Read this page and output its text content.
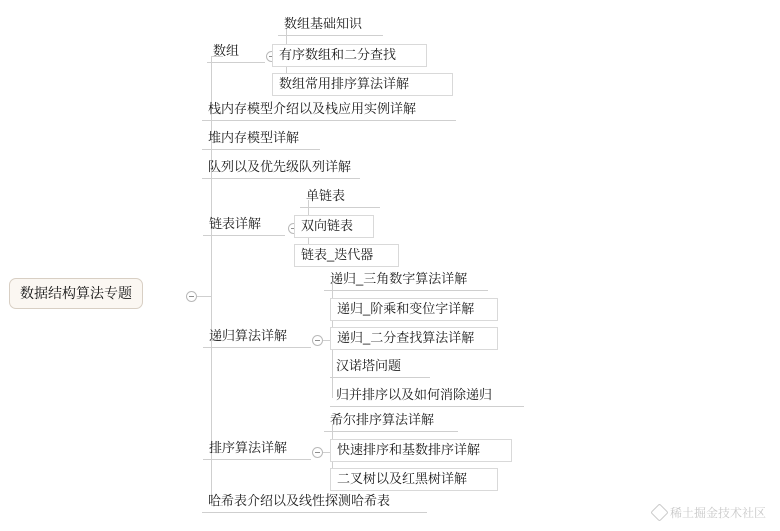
数据结构算法专题
数组
数组基础知识
有序数组和二分查找
数组常用排序算法详解
栈内存模型介绍以及栈应用实例详解
堆内存模型详解
队列以及优先级队列详解
链表详解
单链表
双向链表
链表_迭代器
递归算法详解
递归_三角数字算法详解
递归_阶乘和变位字详解
递归_二分查找算法详解
汉诺塔问题
归并排序以及如何消除递归
排序算法详解
希尔排序算法详解
快速排序和基数排序详解
二叉树以及红黑树详解
哈希表介绍以及线性探测哈希表
稀土掘金技术社区
